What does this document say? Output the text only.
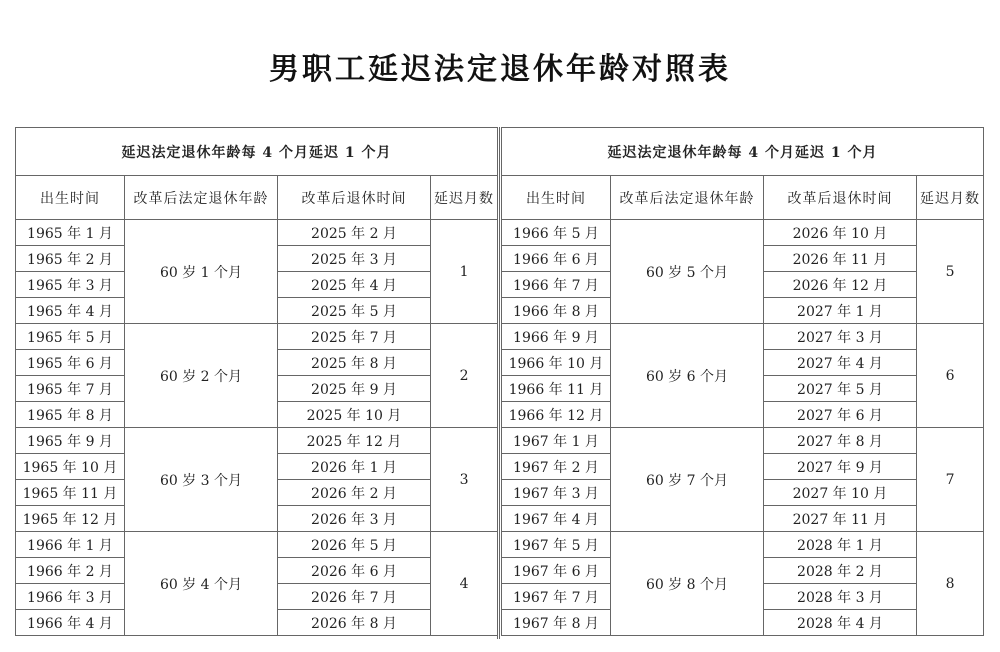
男职工延迟法定退休年龄对照表
延迟法定退休年龄每 4 个月延迟 1 个月			
出生时间	改革后法定退休年龄	改革后退休时间	延迟月数
1965 年 1 月	60 岁 1 个月	2025 年 2 月	1
1965 年 2 月		2025 年 3 月	
1965 年 3 月		2025 年 4 月	
1965 年 4 月		2025 年 5 月	
1965 年 5 月	60 岁 2 个月	2025 年 7 月	2
1965 年 6 月		2025 年 8 月	
1965 年 7 月		2025 年 9 月	
1965 年 8 月		2025 年 10 月	
1965 年 9 月	60 岁 3 个月	2025 年 12 月	3
1965 年 10 月		2026 年 1 月	
1965 年 11 月		2026 年 2 月	
1965 年 12 月		2026 年 3 月	
1966 年 1 月	60 岁 4 个月	2026 年 5 月	4
1966 年 2 月		2026 年 6 月	
1966 年 3 月		2026 年 7 月	
1966 年 4 月		2026 年 8 月	
延迟法定退休年龄每 4 个月延迟 1 个月			
出生时间	改革后法定退休年龄	改革后退休时间	延迟月数
1966 年 5 月	60 岁 5 个月	2026 年 10 月	5
1966 年 6 月		2026 年 11 月	
1966 年 7 月		2026 年 12 月	
1966 年 8 月		2027 年 1 月	
1966 年 9 月	60 岁 6 个月	2027 年 3 月	6
1966 年 10 月		2027 年 4 月	
1966 年 11 月		2027 年 5 月	
1966 年 12 月		2027 年 6 月	
1967 年 1 月	60 岁 7 个月	2027 年 8 月	7
1967 年 2 月		2027 年 9 月	
1967 年 3 月		2027 年 10 月	
1967 年 4 月		2027 年 11 月	
1967 年 5 月	60 岁 8 个月	2028 年 1 月	8
1967 年 6 月		2028 年 2 月	
1967 年 7 月		2028 年 3 月	
1967 年 8 月		2028 年 4 月	
